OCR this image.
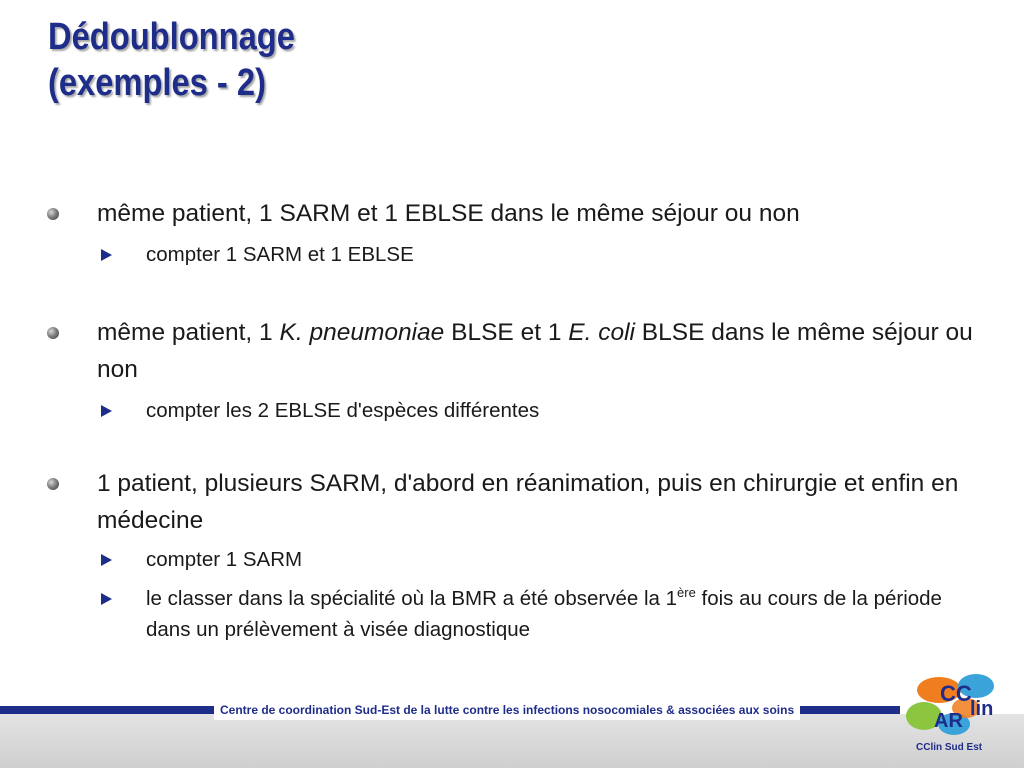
Dédoublonnage
(exemples - 2)
même patient, 1 SARM et 1 EBLSE dans le même séjour ou non
compter 1 SARM et 1 EBLSE
même patient, 1 K. pneumoniae BLSE et 1 E. coli BLSE dans le même séjour ou non
compter les 2 EBLSE d'espèces différentes
1 patient, plusieurs SARM, d'abord en réanimation, puis en chirurgie et enfin en médecine
compter 1 SARM
le classer dans la spécialité où la BMR a été observée la 1ère fois au cours de la période dans un prélèvement à visée diagnostique
Centre de coordination Sud-Est de la lutte contre les infections nosocomiales & associées aux soins
CC
lin
AR
CClin Sud Est
